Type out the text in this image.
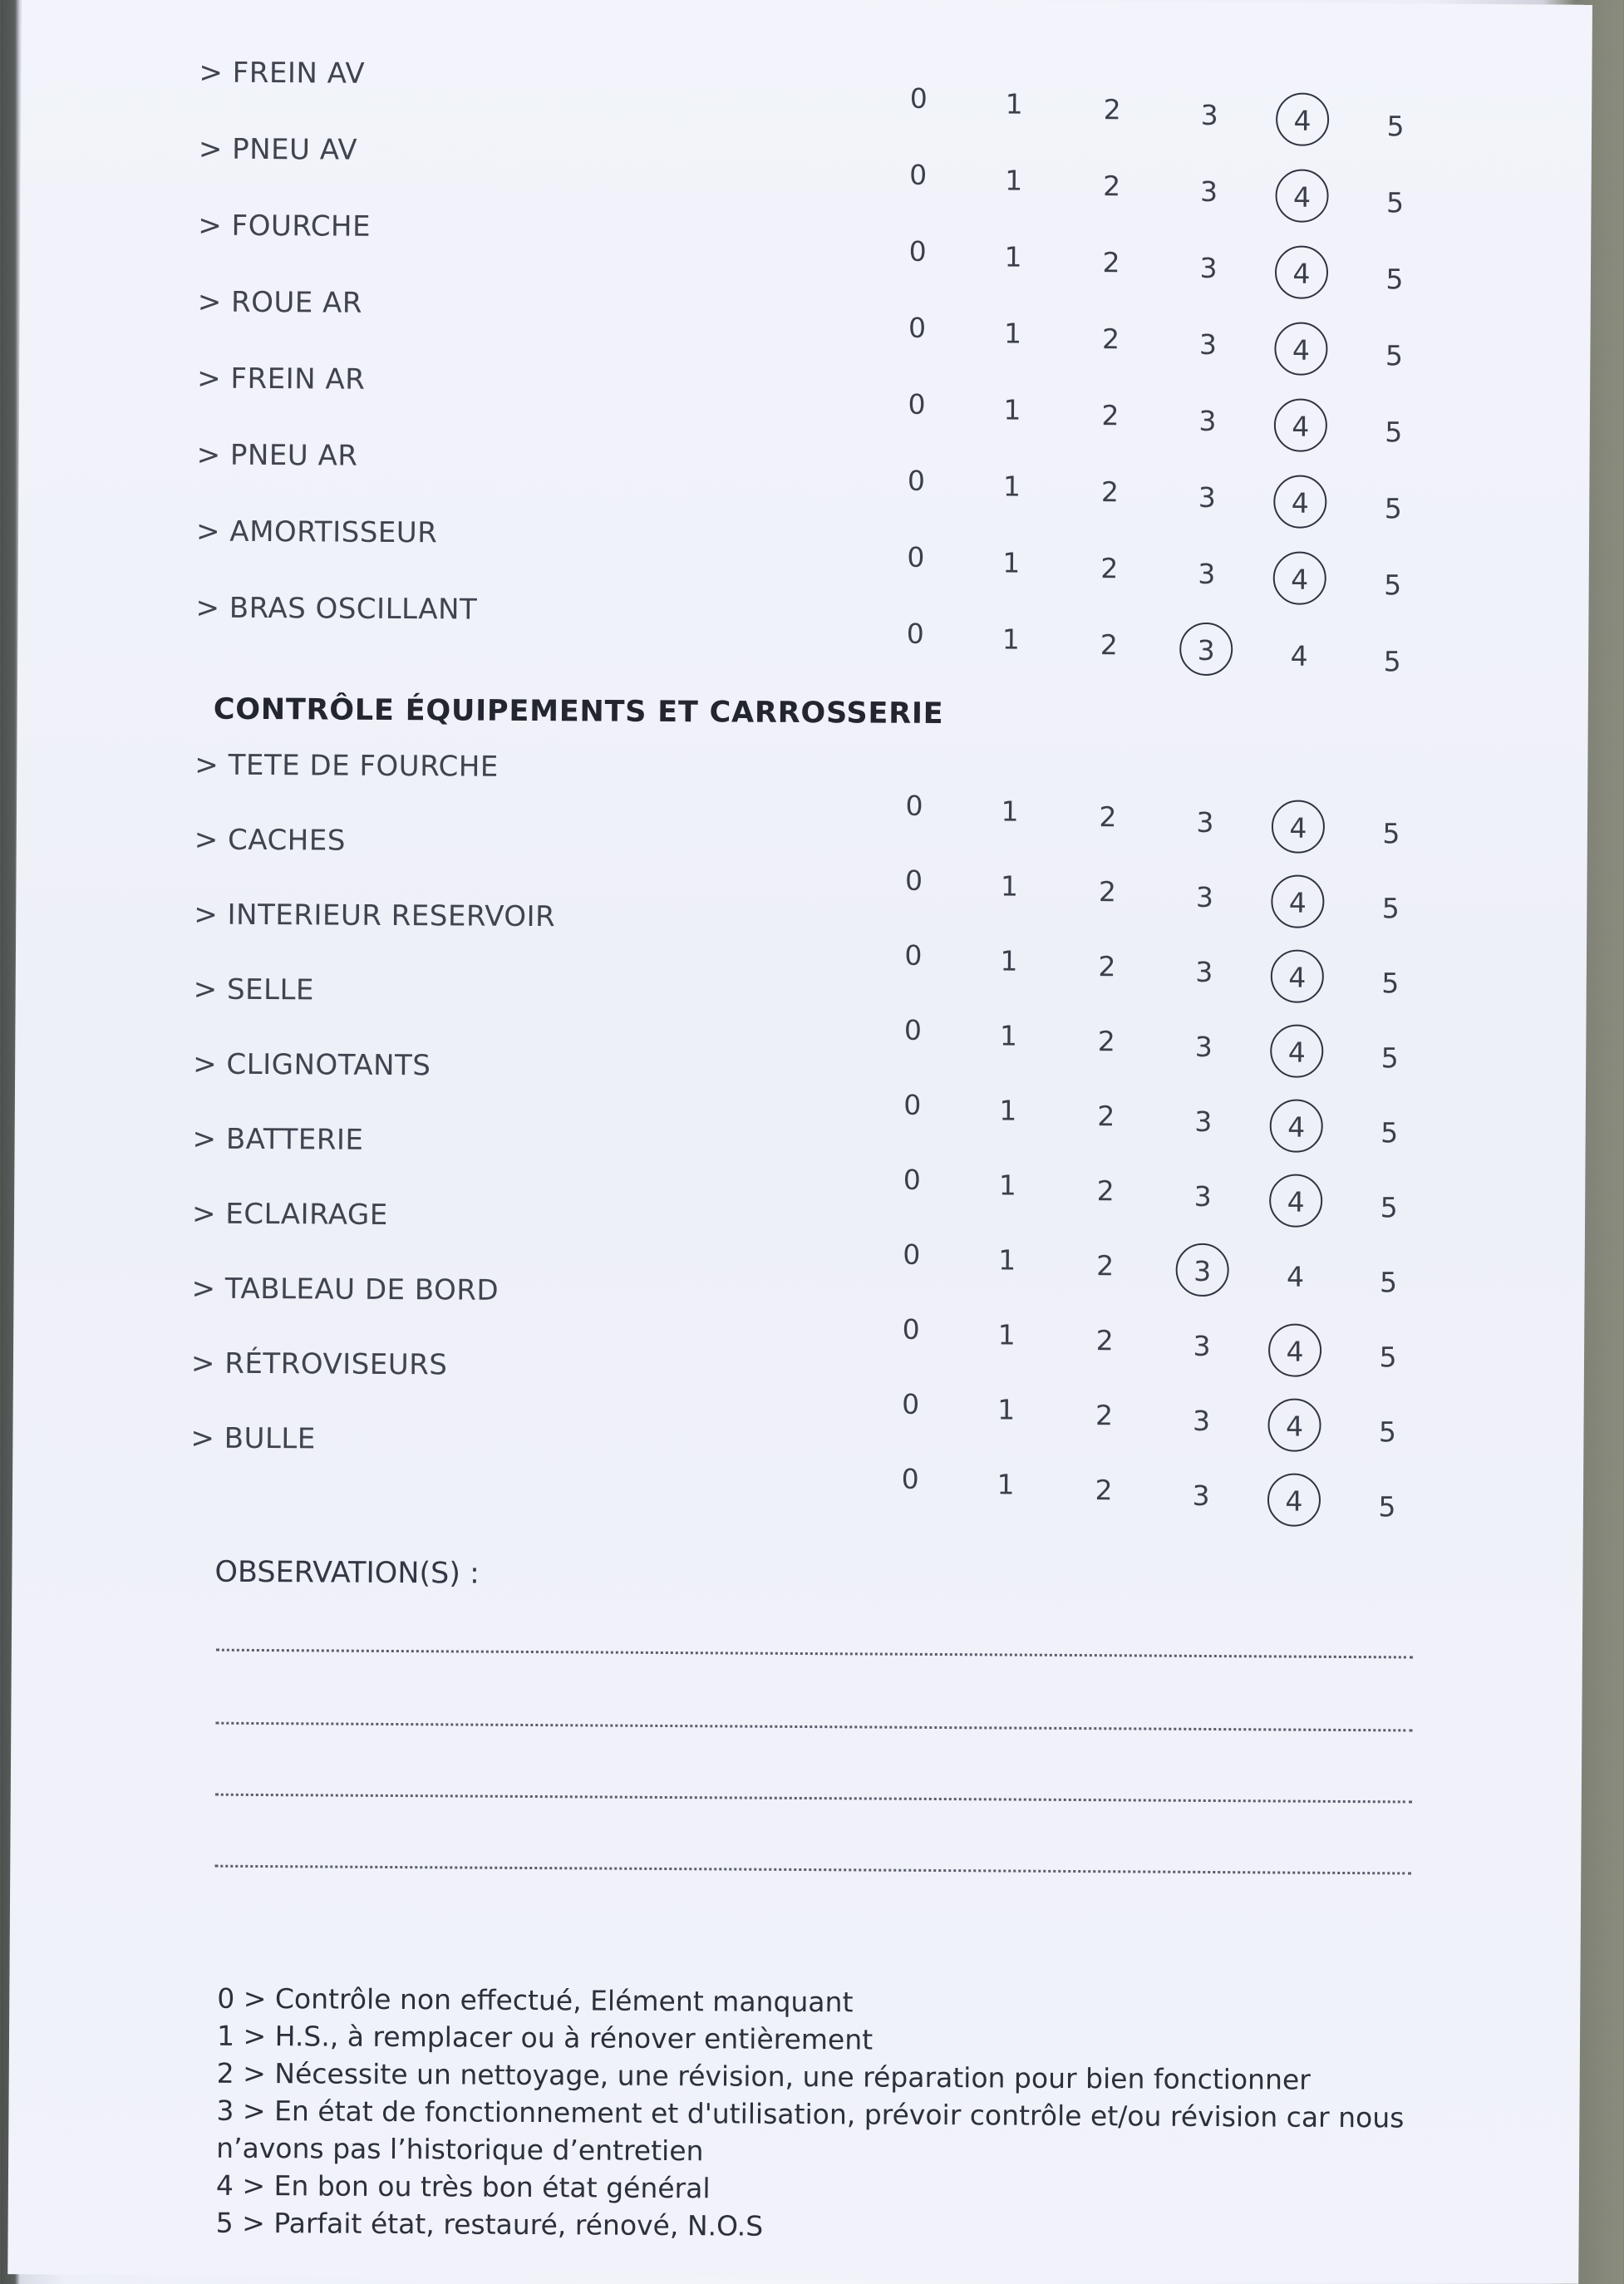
> FREIN AV
0	1	2	3	4	5
> PNEU AV
0	1	2	3	4	5
> FOURCHE
0	1	2	3	4	5
> ROUE AR
0	1	2	3	4	5
> FREIN AR
0	1	2	3	4	5
> PNEU AR
0	1	2	3	4	5
> AMORTISSEUR
0	1	2	3	4	5
> BRAS OSCILLANT
0	1	2	3	4	5
CONTRÔLE ÉQUIPEMENTS ET CARROSSERIE
> TETE DE FOURCHE
0	1	2	3	4	5
> CACHES
0	1	2	3	4	5
> INTERIEUR RESERVOIR
0	1	2	3	4	5
> SELLE
0	1	2	3	4	5
> CLIGNOTANTS
0	1	2	3	4	5
> BATTERIE
0	1	2	3	4	5
> ECLAIRAGE
0	1	2	3	4	5
> TABLEAU DE BORD
0	1	2	3	4	5
> RÉTROVISEURS
0	1	2	3	4	5
> BULLE
0	1	2	3	4	5
OBSERVATION(S) :
0 > Contrôle non effectué, Elément manquant
1 > H.S., à remplacer ou à rénover entièrement
2 > Nécessite un nettoyage, une révision, une réparation pour bien fonctionner
3 > En état de fonctionnement et d'utilisation, prévoir contrôle et/ou révision car nous
n’avons pas l’historique d’entretien
4 > En bon ou très bon état général
5 > Parfait état, restauré, rénové, N.O.S
